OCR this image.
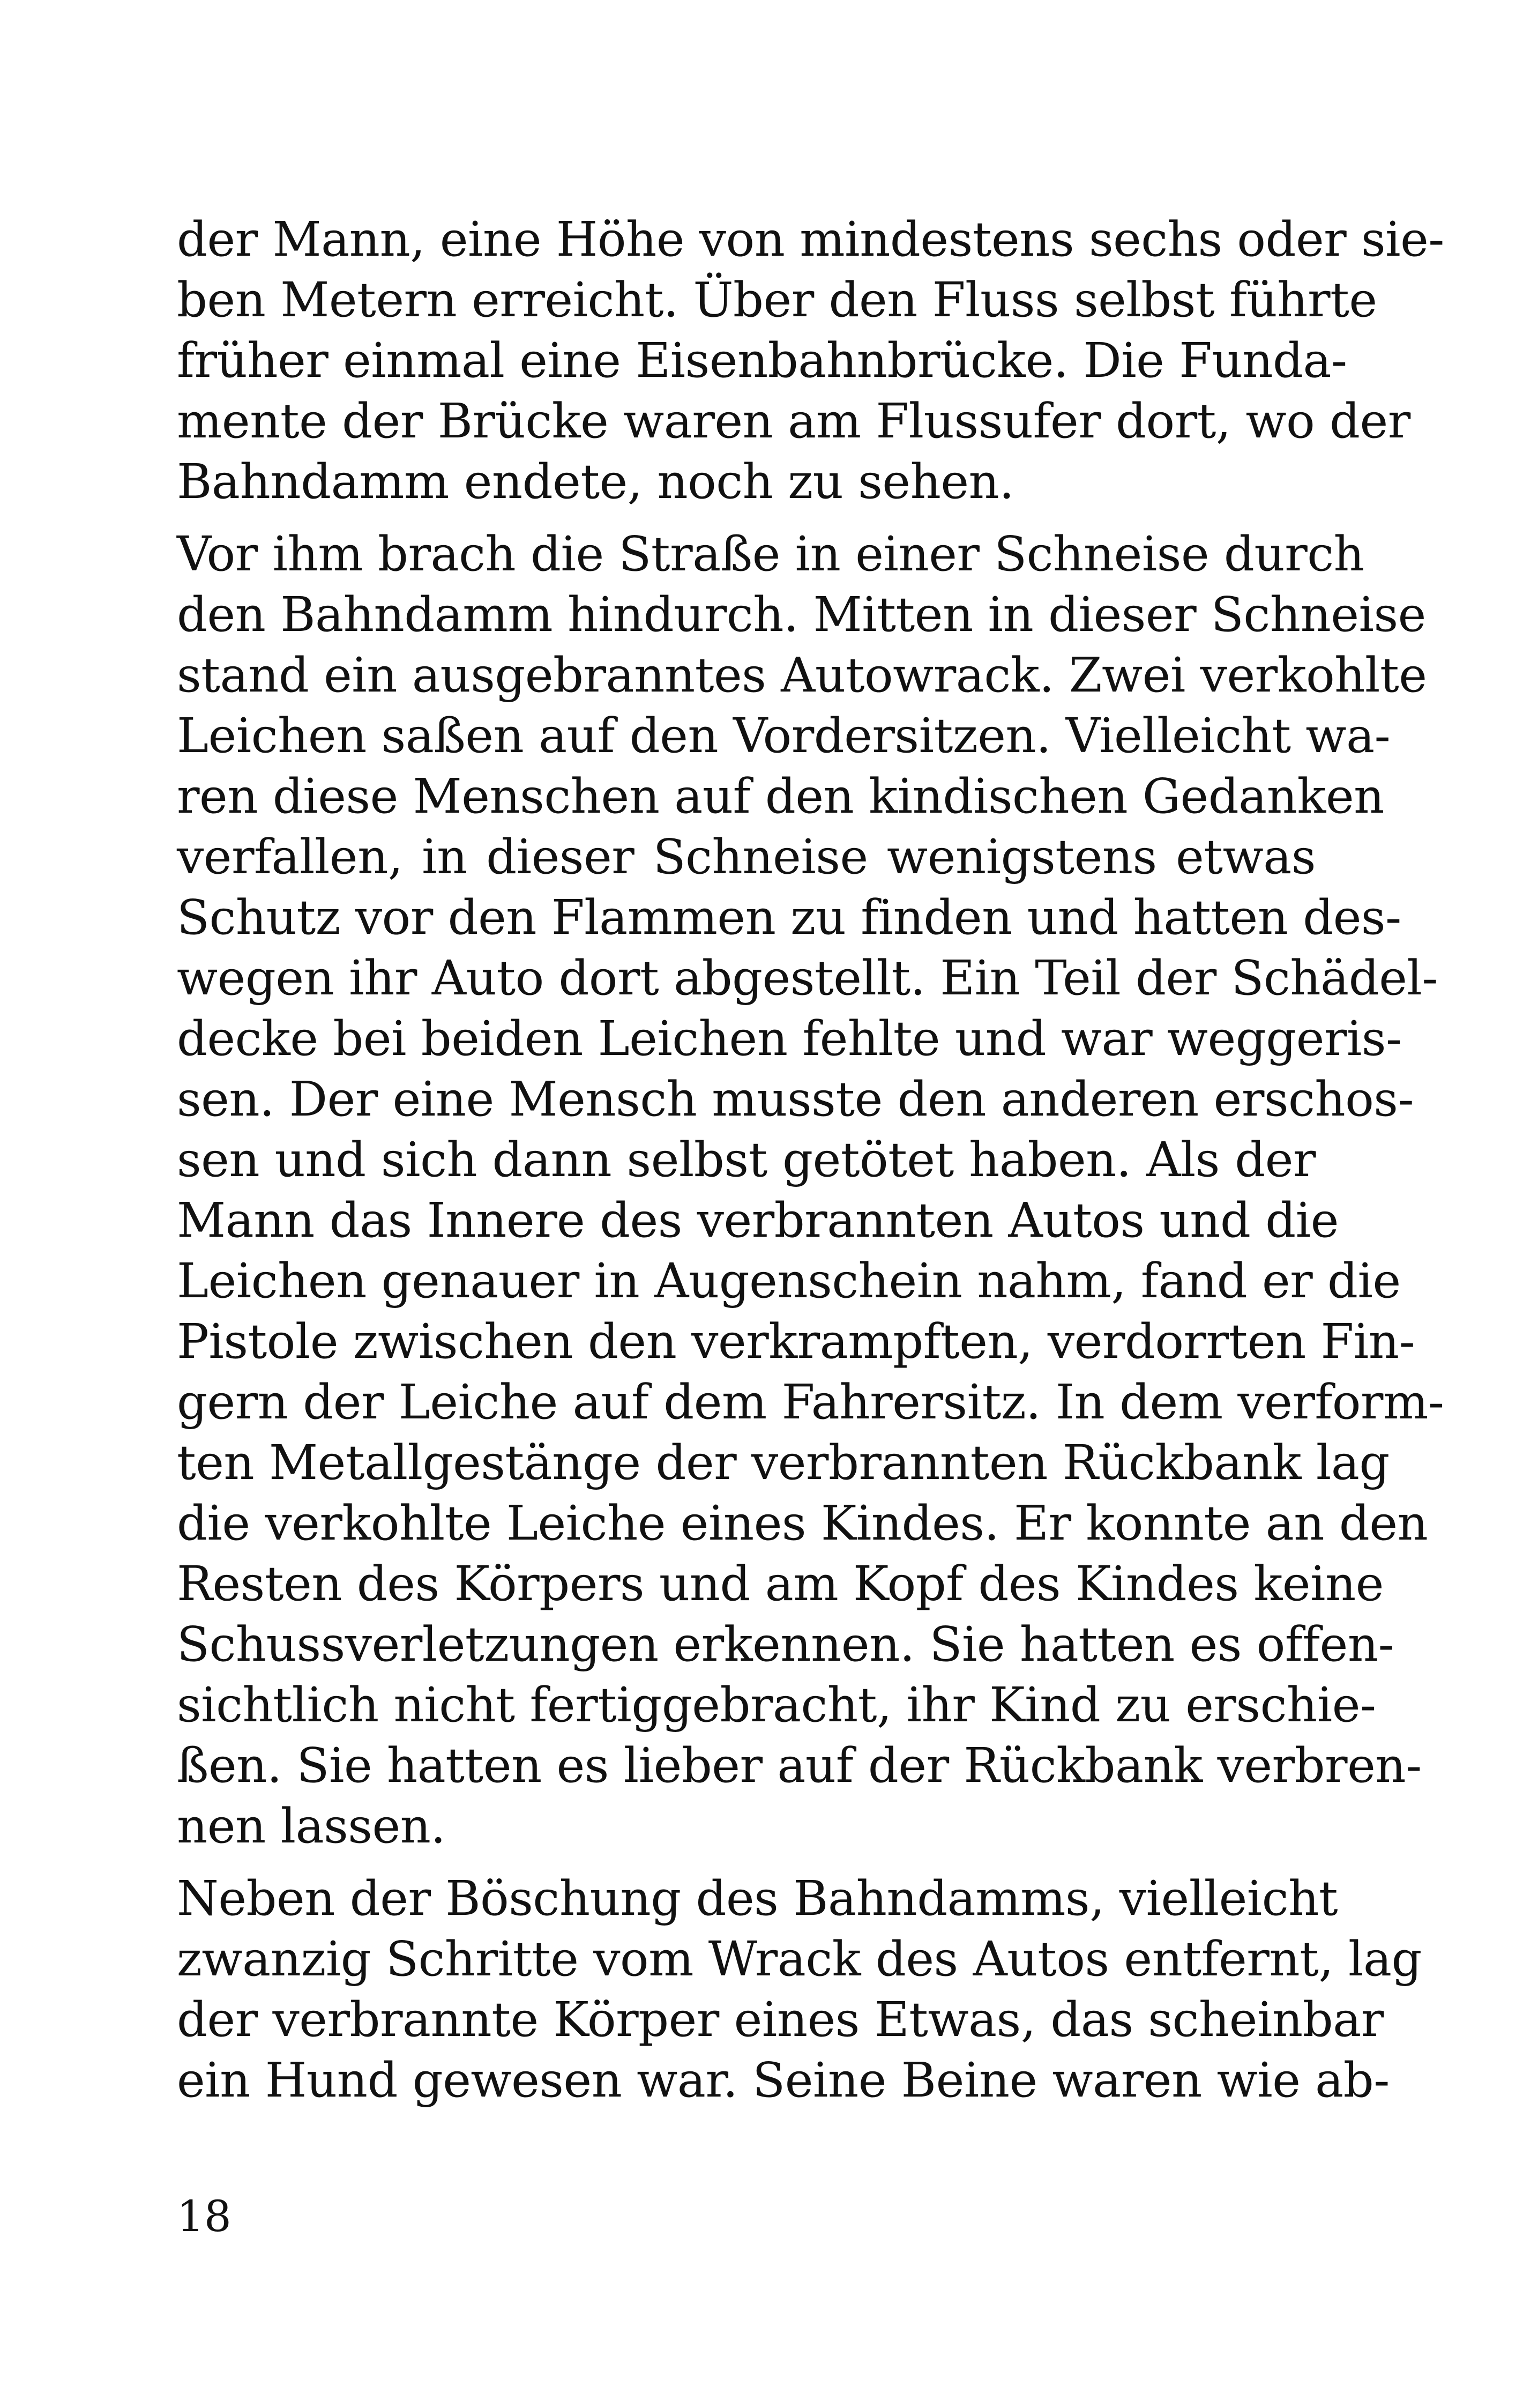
der Mann, eine Höhe von mindestens sechs oder sie-
ben Metern erreicht. Über den Fluss selbst führte
früher einmal eine Eisenbahnbrücke. Die Funda-
mente der Brücke waren am Flussufer dort, wo der
Bahndamm endete, noch zu sehen.
Vor ihm brach die Straße in einer Schneise durch
den Bahndamm hindurch. Mitten in dieser Schneise
stand ein ausgebranntes Autowrack. Zwei verkohlte
Leichen saßen auf den Vordersitzen. Vielleicht wa-
ren diese Menschen auf den kindischen Gedanken
verfallen, in dieser Schneise wenigstens etwas
Schutz vor den Flammen zu finden und hatten des-
wegen ihr Auto dort abgestellt. Ein Teil der Schädel-
decke bei beiden Leichen fehlte und war weggeris-
sen. Der eine Mensch musste den anderen erschos-
sen und sich dann selbst getötet haben. Als der
Mann das Innere des verbrannten Autos und die
Leichen genauer in Augenschein nahm, fand er die
Pistole zwischen den verkrampften, verdorrten Fin-
gern der Leiche auf dem Fahrersitz. In dem verform-
ten Metallgestänge der verbrannten Rückbank lag
die verkohlte Leiche eines Kindes. Er konnte an den
Resten des Körpers und am Kopf des Kindes keine
Schussverletzungen erkennen. Sie hatten es offen-
sichtlich nicht fertiggebracht, ihr Kind zu erschie-
ßen. Sie hatten es lieber auf der Rückbank verbren-
nen lassen.
Neben der Böschung des Bahndamms, vielleicht
zwanzig Schritte vom Wrack des Autos entfernt, lag
der verbrannte Körper eines Etwas, das scheinbar
ein Hund gewesen war. Seine Beine waren wie ab-
18
